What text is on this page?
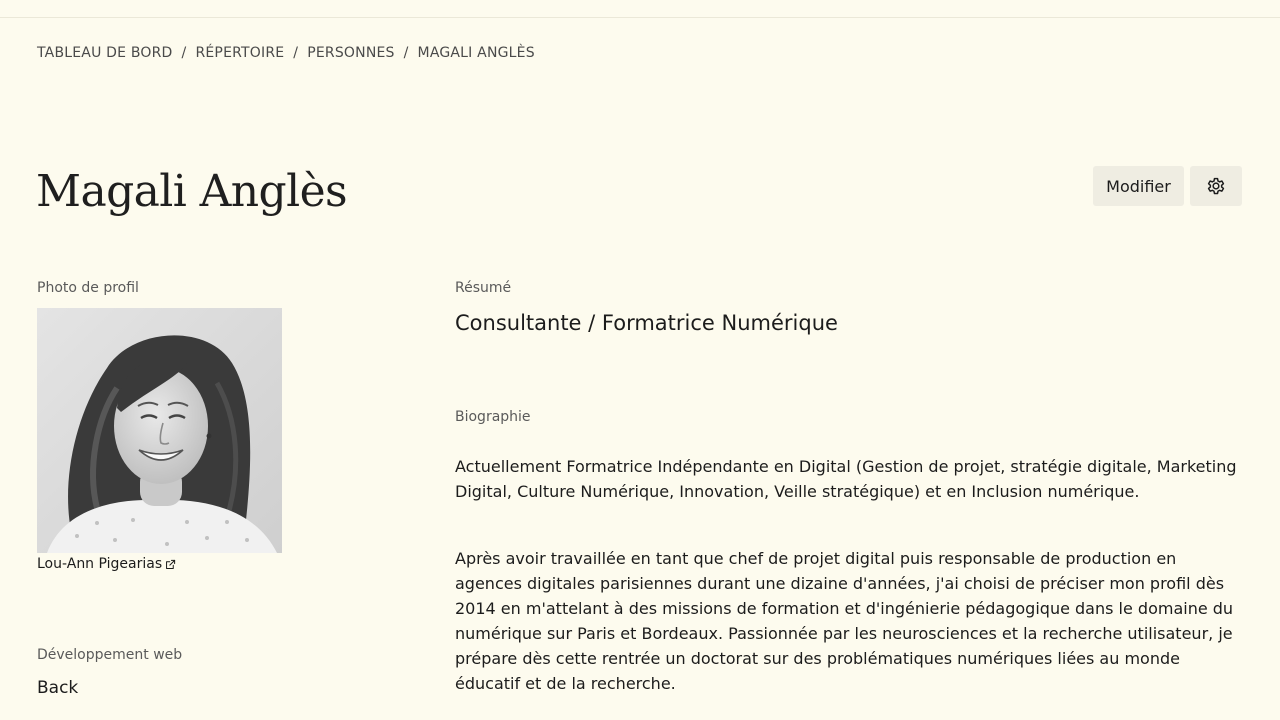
TABLEAU DE BORD / RÉPERTOIRE / PERSONNES / MAGALI ANGLÈS
Magali Anglès	Modifier
Photo de profil
Lou-Ann Pigearias
Développement web
Back
Résumé
Consultante / Formatrice Numérique
Biographie

Actuellement Formatrice Indépendante en Digital (Gestion de projet, stratégie digitale, Marketing Digital, Culture Numérique, Innovation, Veille stratégique) et en Inclusion numérique.

Après avoir travaillée en tant que chef de projet digital puis responsable de production en agences digitales parisiennes durant une dizaine d'années, j'ai choisi de préciser mon profil dès 2014 en m'attelant à des missions de formation et d'ingénierie pédagogique dans le domaine du numérique sur Paris et Bordeaux. Passionnée par les neurosciences et la recherche utilisateur, je prépare dès cette rentrée un doctorat sur des problématiques numériques liées au monde éducatif et de la recherche.
